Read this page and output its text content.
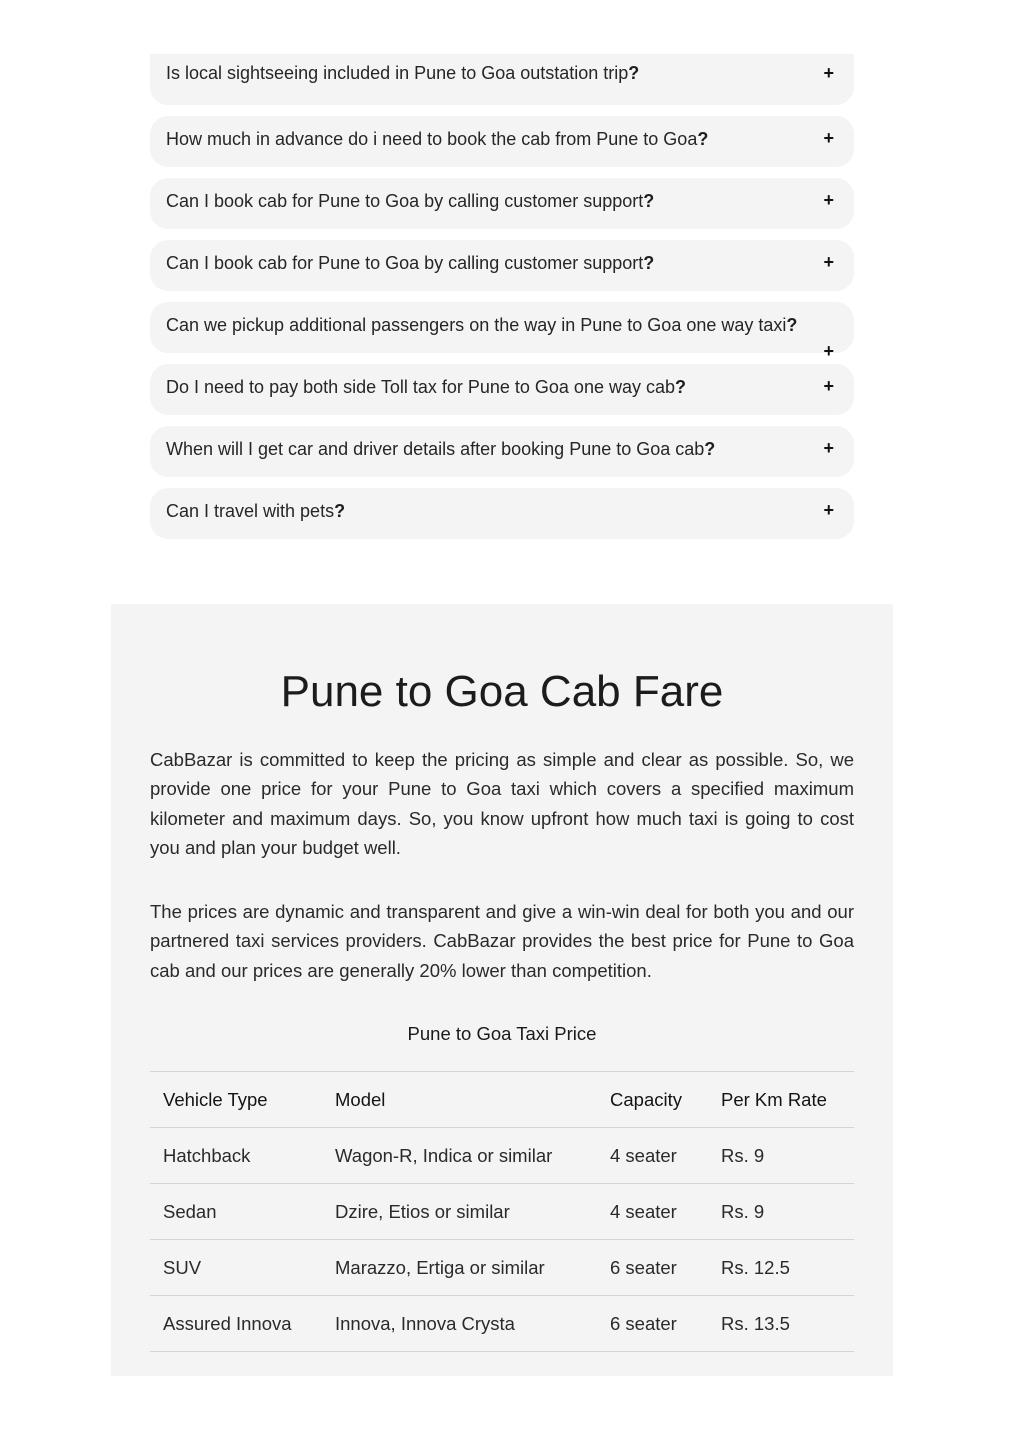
Is local sightseeing included in Pune to Goa outstation trip?	+
How much in advance do i need to book the cab from Pune to Goa?	+
Can I book cab for Pune to Goa by calling customer support?	+
Can I book cab for Pune to Goa by calling customer support?	+
Can we pickup additional passengers on the way in Pune to Goa one way taxi?
+
Do I need to pay both side Toll tax for Pune to Goa one way cab?	+
When will I get car and driver details after booking Pune to Goa cab?	+
Can I travel with pets?	+
Pune to Goa Cab Fare

CabBazar is committed to keep the pricing as simple and clear as possible. So, we provide one price for your Pune to Goa taxi which covers a specified maximum kilometer and maximum days. So, you know upfront how much taxi is going to cost you and plan your budget well.

The prices are dynamic and transparent and give a win-win deal for both you and our partnered taxi services providers. CabBazar provides the best price for Pune to Goa cab and our prices are generally 20% lower than competition.

Pune to Goa Taxi Price
Vehicle Type	Model	Capacity	Per Km Rate
Hatchback	Wagon-R, Indica or similar	4 seater	Rs. 9
Sedan	Dzire, Etios or similar	4 seater	Rs. 9
SUV	Marazzo, Ertiga or similar	6 seater	Rs. 12.5
Assured Innova	Innova, Innova Crysta	6 seater	Rs. 13.5
